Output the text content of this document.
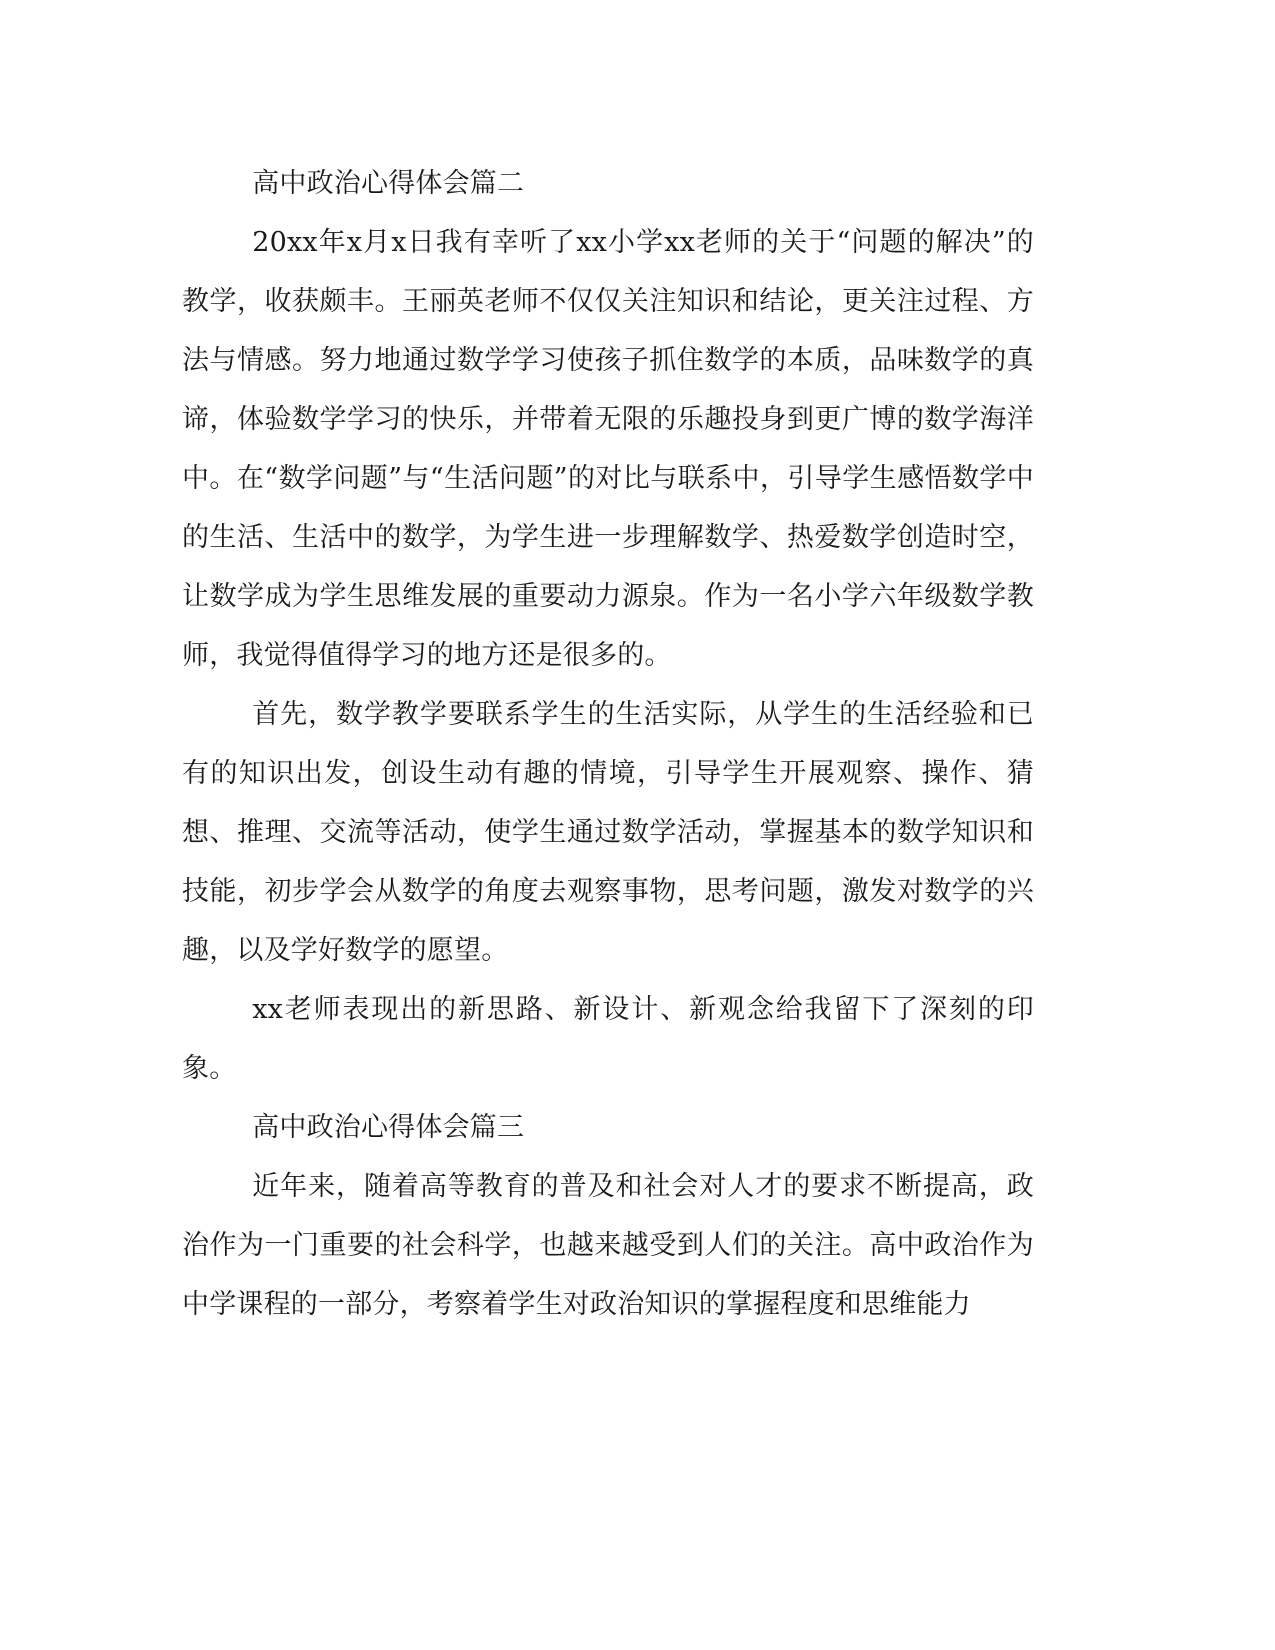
高中政治心得体会篇二

20xx年x月x日我有幸听了xx小学xx老师的关于“问题的解决”的教学，收获颇丰。王丽英老师不仅仅关注知识和结论，更关注过程、方法与情感。努力地通过数学学习使孩子抓住数学的本质，品味数学的真谛，体验数学学习的快乐，并带着无限的乐趣投身到更广博的数学海洋中。在“数学问题”与“生活问题”的对比与联系中，引导学生感悟数学中的生活、生活中的数学，为学生进一步理解数学、热爱数学创造时空，让数学成为学生思维发展的重要动力源泉。作为一名小学六年级数学教师，我觉得值得学习的地方还是很多的。

首先，数学教学要联系学生的生活实际，从学生的生活经验和已有的知识出发，创设生动有趣的情境，引导学生开展观察、操作、猜想、推理、交流等活动，使学生通过数学活动，掌握基本的数学知识和技能，初步学会从数学的角度去观察事物，思考问题，激发对数学的兴趣，以及学好数学的愿望。

xx老师表现出的新思路、新设计、新观念给我留下了深刻的印象。

高中政治心得体会篇三

近年来，随着高等教育的普及和社会对人才的要求不断提高，政治作为一门重要的社会科学，也越来越受到人们的关注。高中政治作为中学课程的一部分，考察着学生对政治知识的掌握程度和思维能力
